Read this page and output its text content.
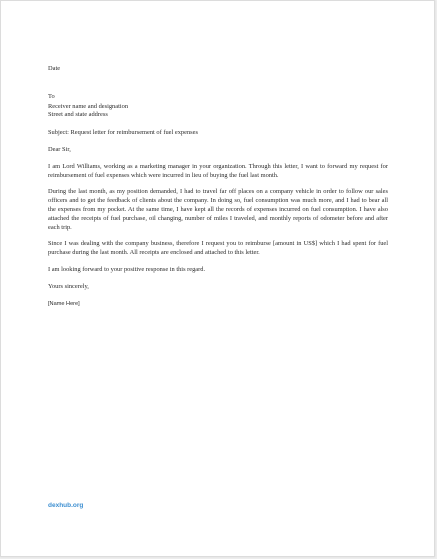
Date

To

Receiver name and designation

Street and state address

Subject: Request letter for reimbursement of fuel expenses

Dear Sir,

I am Lord Williams, working as a marketing manager in your organization. Through this letter, I want to forward my request for reimbursement of fuel expenses which were incurred in lieu of buying the fuel last month.

During the last month, as my position demanded, I had to travel far off places on a company vehicle in order to follow our sales officers and to get the feedback of clients about the company. In doing so, fuel consumption was much more, and I had to bear all the expenses from my pocket. At the same time, I have kept all the records of expenses incurred on fuel consumption. I have also attached the receipts of fuel purchase, oil changing, number of miles I traveled, and monthly reports of odometer before and after each trip.

Since I was dealing with the company business, therefore I request you to reimburse [amount in US$] which I had spent for fuel purchase during the last month. All receipts are enclosed and attached to this letter.

I am looking forward to your positive response in this regard.

Yours sincerely,

[Name Here]

dexhub.org
